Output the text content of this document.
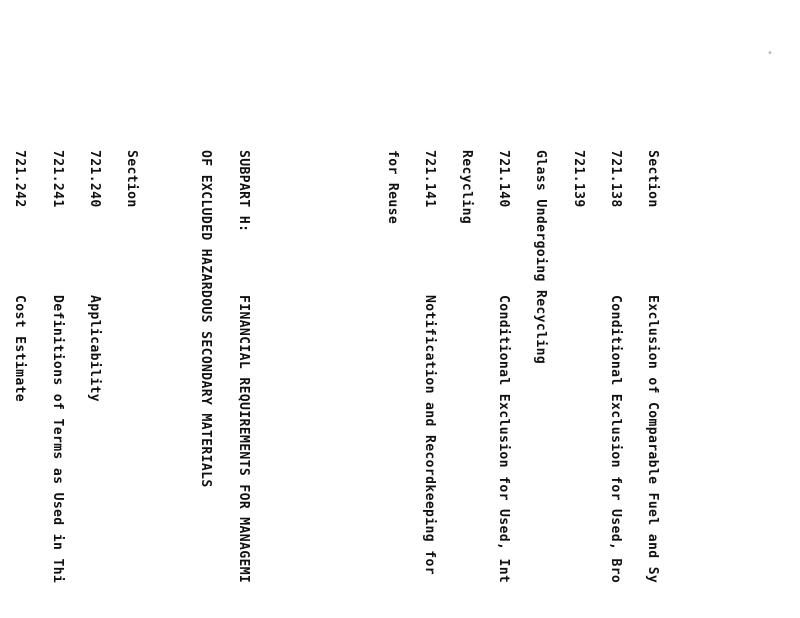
•

Section
Exclusion of Comparable Fuel and Sy

721.138
Conditional Exclusion for Used, Bro

721.139

Glass Undergoing Recycling

721.140
Conditional Exclusion for Used, Int

Recycling

721.141
Notification and Recordkeeping for

for Reuse

SUBPART H:
FINANCIAL REQUIREMENTS FOR MANAGEMI

OF EXCLUDED HAZARDOUS SECONDARY MATERIALS

Section

721.240
Applicability

721.241
Definitions of Terms as Used in Thi

721.242
Cost Estimate
